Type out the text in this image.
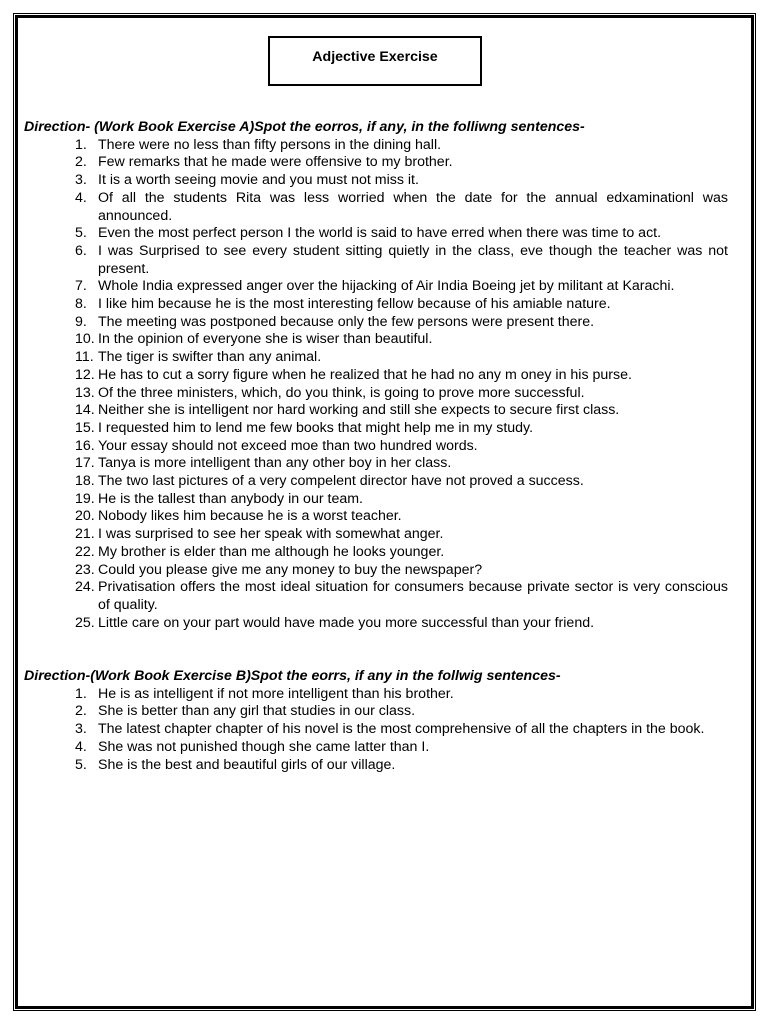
Adjective Exercise
Direction- (Work Book Exercise A)Spot the eorros, if any, in the folliwng sentences-
1. There were no less than fifty persons in the dining hall.
2. Few remarks that he made were offensive to my brother.
3. It is a worth seeing movie and you must not miss it.
4. Of all the students Rita was less worried when the date for the annual edxaminationl was announced.
5. Even the most perfect person I the world is said to have erred when there was time to act.
6. I was Surprised to see every student sitting quietly in the class, eve though the teacher was not present.
7. Whole India expressed anger over the hijacking of Air India Boeing jet by militant at Karachi.
8. I like him because he is the most interesting fellow because of his amiable nature.
9. The meeting was postponed because only the few persons were present there.
10. In the opinion of everyone she is wiser than beautiful.
11. The tiger is swifter than any animal.
12. He has to cut a sorry figure when he realized that he had no any m oney in his purse.
13. Of the three ministers, which, do you think, is going to prove more successful.
14. Neither she is intelligent nor hard working and still she expects to secure first class.
15. I requested him to lend me few books that might help me in my study.
16. Your essay should not exceed moe than two hundred words.
17. Tanya is more intelligent than any other boy in her class.
18. The two last pictures of a very compelent director have not proved a success.
19. He is the tallest than anybody in our team.
20. Nobody likes him because he is a worst teacher.
21. I was surprised to see her speak with somewhat anger.
22. My brother is elder than me although he looks younger.
23. Could you please give me any money to buy the newspaper?
24. Privatisation offers the most ideal situation for consumers because private sector is very conscious of quality.
25. Little care on your part would have made you more successful than your friend.
Direction-(Work Book Exercise B)Spot the eorrs, if any in the follwig sentences-
1. He is as intelligent if not more intelligent than his brother.
2. She is better than any girl that studies in our class.
3. The latest chapter chapter of his novel is the most comprehensive of all the chapters in the book.
4. She was not punished though she came latter than I.
5. She is the best and beautiful girls of our village.
